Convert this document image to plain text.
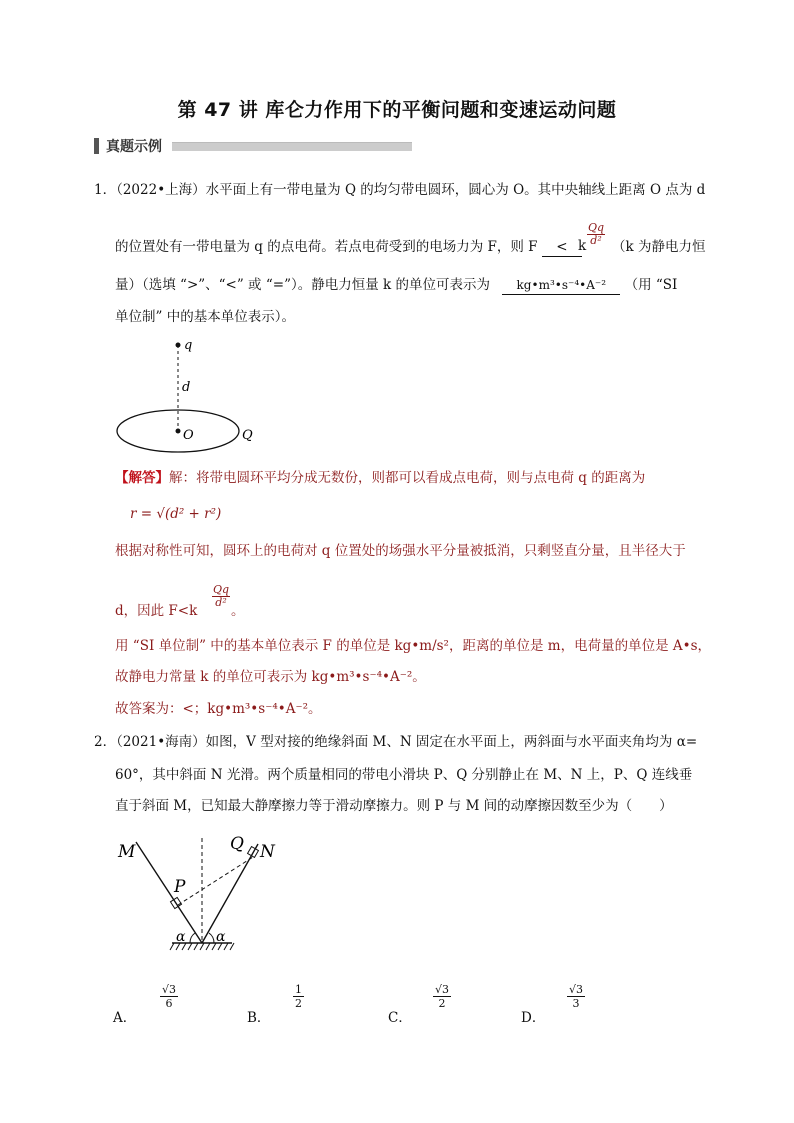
第 47 讲 库仑力作用下的平衡问题和变速运动问题
真题示例
1．（2022•上海）水平面上有一带电量为 Q 的均匀带电圆环，圆心为 O。其中央轴线上距离 O 点为 d
的位置处有一带电量为 q 的点电荷。若点电荷受到的电场力为 F，则 F < k $\frac{Qq}{\text{d²}} (k$ 为静电力恒
量）（选填 “>”、“<” 或 “=”）。静电力恒量 k 的单位可表示为 kg•m³•s⁻⁴•A⁻² （用 “SI
单位制” 中的基本单位表示）。
q
d
O	Q
【解答】解：将带电圆环平均分成无数份，则都可以看成点电荷，则与点电荷 q 的距离为
r = √(d² + r²)
根据对称性可知，圆环上的电荷对 q 位置处的场强水平分量被抵消，只剩竖直分量，且半径大于
d，因此 F<k
$\frac{Qq}{\text{d²}}$
。
用 “SI 单位制” 中的基本单位表示 F 的单位是 kg•m/s²，距离的单位是 m，电荷量的单位是 A•s，
故静电力常量 k 的单位可表示为 kg•m³•s⁻⁴•A⁻²。
故答案为：<；kg•m³•s⁻⁴•A⁻²。
2．（2021•海南）如图，V 型对接的绝缘斜面 M、N 固定在水平面上，两斜面与水平面夹角均为 α=
60°，其中斜面 N 光滑。两个质量相同的带电小滑块 P、Q 分别静止在 M、N 上，P、Q 连线垂
直于斜面 M，已知最大静摩擦力等于滑动摩擦力。则 P 与 M 间的动摩擦因数至少为（　　）
M	N
Q
P
α α
A．
$\frac{√3}{6}$
B．
$\frac{1}{2}$
C．
$\frac{√3}{2}$
D．
$\frac{√3}{3}$
